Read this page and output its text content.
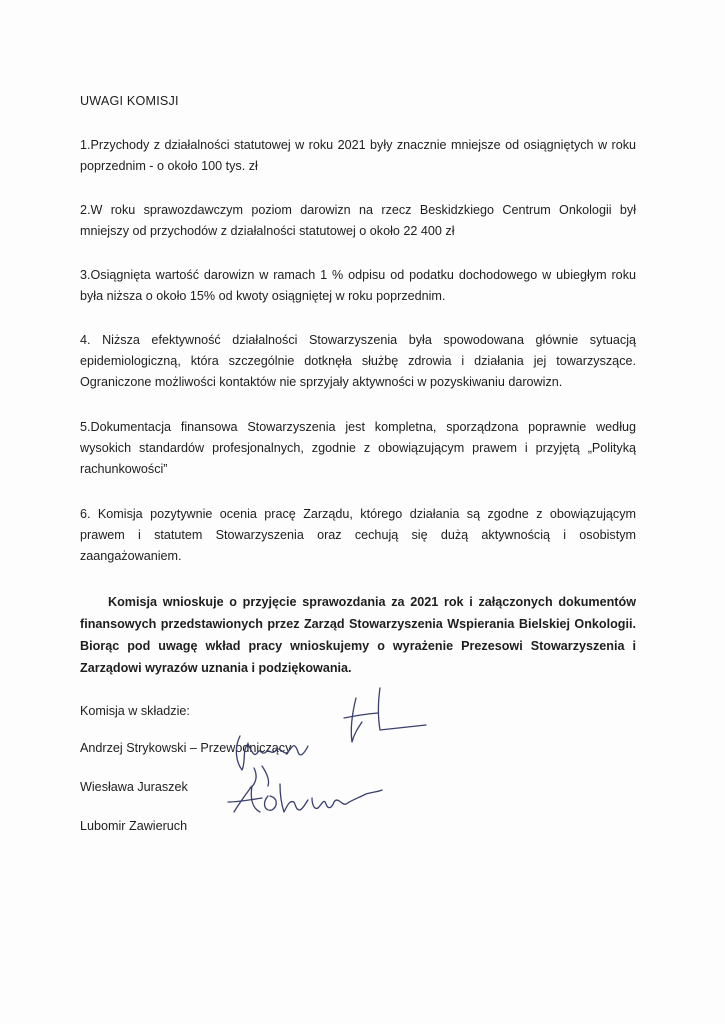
UWAGI KOMISJI
1.Przychody z działalności statutowej w roku 2021 były znacznie mniejsze od osiągniętych w roku poprzednim - o około 100 tys. zł
2.W roku sprawozdawczym poziom darowizn na rzecz Beskidzkiego Centrum Onkologii był mniejszy od przychodów z działalności statutowej o około 22 400 zł
3.Osiągnięta wartość darowizn w ramach 1 % odpisu od podatku dochodowego w ubiegłym roku była niższa o około 15% od kwoty osiągniętej w roku poprzednim.
4. Niższa efektywność działalności Stowarzyszenia była spowodowana głównie sytuacją epidemiologiczną, która szczególnie dotknęła służbę zdrowia i działania jej towarzyszące. Ograniczone możliwości kontaktów nie sprzyjały aktywności w pozyskiwaniu darowizn.
5.Dokumentacja finansowa Stowarzyszenia jest kompletna, sporządzona poprawnie według wysokich standardów profesjonalnych, zgodnie z obowiązującym prawem i przyjętą „Polityką rachunkowości”
6. Komisja pozytywnie ocenia pracę Zarządu, którego działania są zgodne z obowiązującym prawem i statutem Stowarzyszenia oraz cechują się dużą aktywnością i osobistym zaangażowaniem.
Komisja wnioskuje o przyjęcie sprawozdania za 2021 rok i załączonych dokumentów finansowych przedstawionych przez Zarząd Stowarzyszenia Wspierania Bielskiej Onkologii. Biorąc pod uwagę wkład pracy wnioskujemy o wyrażenie Prezesowi Stowarzyszenia i Zarządowi wyrazów uznania i podziękowania.
Komisja w składzie:
Andrzej Strykowski – Przewodniczący
Wiesława Juraszek
Lubomir Zawieruch
